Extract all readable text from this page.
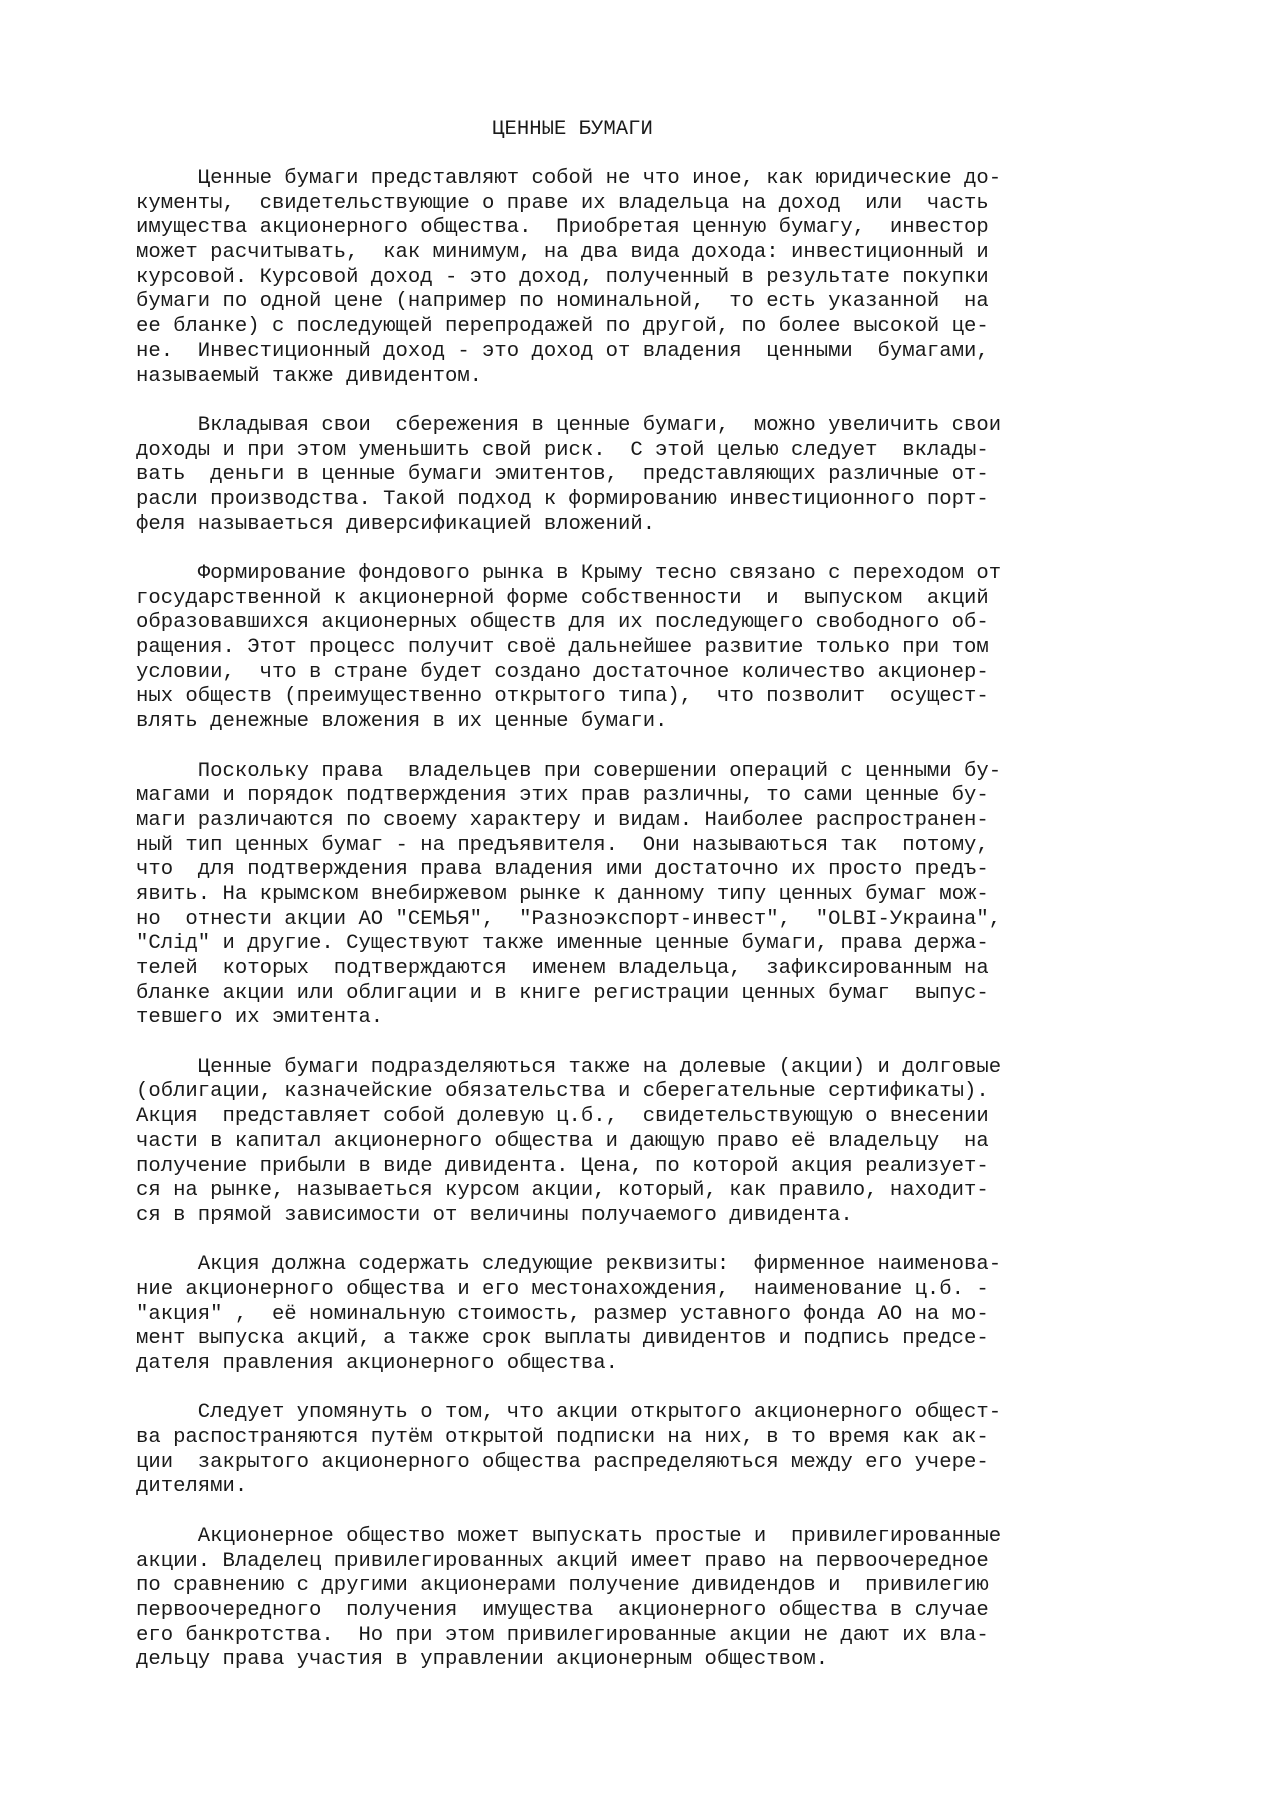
ЦЕННЫЕ БУМАГИ
Ценные бумаги представляют собой не что иное, как юридические до-
кументы,  свидетельствующие о праве их владельца на доход  или  часть
имущества акционерного общества.  Приобретая ценную бумагу,  инвестор
может расчитывать,  как минимум, на два вида дохода: инвестиционный и
курсовой. Курсовой доход - это доход, полученный в результате покупки
бумаги по одной цене (например по номинальной,  то есть указанной  на
ее бланке) с последующей перепродажей по другой, по более высокой це-
не.  Инвестиционный доход - это доход от владения  ценными  бумагами,
называемый также дивидентом.
Вкладывая свои  сбережения в ценные бумаги,  можно увеличить свои
доходы и при этом уменьшить свой риск.  С этой целью следует  вклады-
вать  деньги в ценные бумаги эмитентов,  представляющих различные от-
расли производства. Такой подход к формированию инвестиционного порт-
феля называеться диверсификацией вложений.
Формирование фондового рынка в Крыму тесно связано с переходом от
государственной к акционерной форме собственности  и  выпуском  акций
образовавшихся акционерных обществ для их последующего свободного об-
ращения. Этот процесс получит своё дальнейшее развитие только при том
условии,  что в стране будет создано достаточное количество акционер-
ных обществ (преимущественно открытого типа),  что позволит  осущест-
влять денежные вложения в их ценные бумаги.
Поскольку права  владельцев при совершении операций с ценными бу-
магами и порядок подтверждения этих прав различны, то сами ценные бу-
маги различаются по своему характеру и видам. Наиболее распространен-
ный тип ценных бумаг - на предъявителя.  Они называються так  потому,
что  для подтверждения права владения ими достаточно их просто предъ-
явить. На крымском внебиржевом рынке к данному типу ценных бумаг мож-
но  отнести акции АО "СЕМЬЯ",  "Разноэкспорт-инвест",  "OLBI-Украина",
"Слiд" и другие. Существуют также именные ценные бумаги, права держа-
телей  которых  подтверждаются  именем владельца,  зафиксированным на
бланке акции или облигации и в книге регистрации ценных бумаг  выпус-
тевшего их эмитента.
Ценные бумаги подразделяються также на долевые (акции) и долговые
(облигации, казначейские обязательства и сберегательные сертификаты).
Акция  представляет собой долевую ц.б.,  свидетельствующую о внесении
части в капитал акционерного общества и дающую право её владельцу  на
получение прибыли в виде дивидента. Цена, по которой акция реализует-
ся на рынке, называеться курсом акции, который, как правило, находит-
ся в прямой зависимости от величины получаемого дивидента.
Акция должна содержать следующие реквизиты:  фирменное наименова-
ние акционерного общества и его местонахождения,  наименование ц.б. -
"акция" ,  её номинальную стоимость, размер уставного фонда АО на мо-
мент выпуска акций, а также срок выплаты дивидентов и подпись предсе-
дателя правления акционерного общества.
Следует упомянуть о том, что акции открытого акционерного общест-
ва распостраняются путём открытой подписки на них, в то время как ак-
ции  закрытого акционерного общества распределяються между его учере-
дителями.
Акционерное общество может выпускать простые и  привилегированные
акции. Владелец привилегированных акций имеет право на первоочередное
по сравнению с другими акционерами получение дивидендов и  привилегию
первоочередного  получения  имущества  акционерного общества в случае
его банкротства.  Но при этом привилегированные акции не дают их вла-
дельцу права участия в управлении акционерным обществом.
